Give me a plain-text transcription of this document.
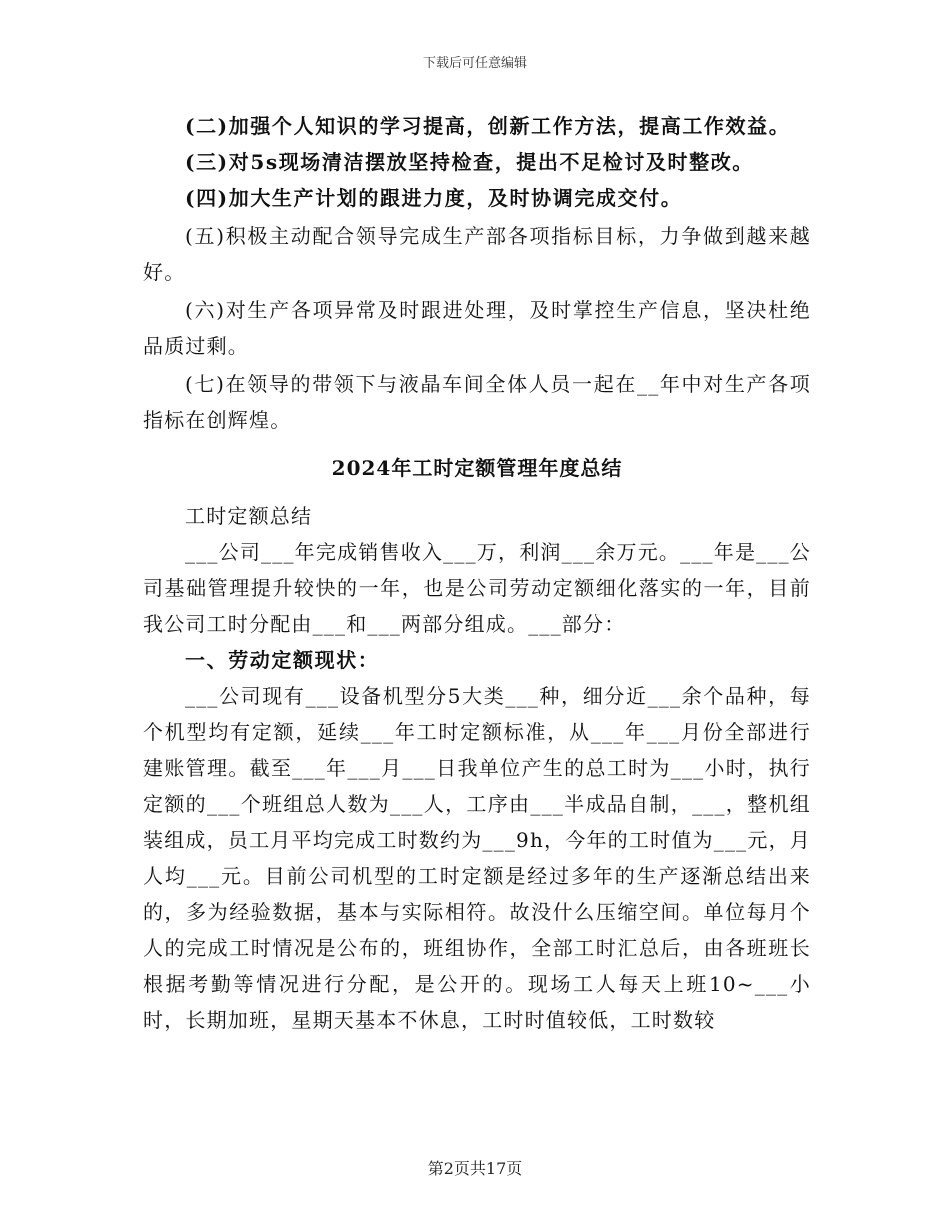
下载后可任意编辑

(二)加强个人知识的学习提高，创新工作方法，提高工作效益。

(三)对5s现场清洁摆放坚持检查，提出不足检讨及时整改。

(四)加大生产计划的跟进力度，及时协调完成交付。

(五)积极主动配合领导完成生产部各项指标目标，力争做到越来越好。

(六)对生产各项异常及时跟进处理，及时掌控生产信息，坚决杜绝品质过剩。

(七)在领导的带领下与液晶车间全体人员一起在__年中对生产各项指标在创辉煌。

2024年工时定额管理年度总结

工时定额总结

___公司___年完成销售收入___万，利润___余万元。___年是___公司基础管理提升较快的一年，也是公司劳动定额细化落实的一年，目前我公司工时分配由___和___两部分组成。___部分：

一、劳动定额现状：

___公司现有___设备机型分5大类___种，细分近___余个品种，每个机型均有定额，延续___年工时定额标准，从___年___月份全部进行建账管理。截至___年___月___日我单位产生的总工时为___小时，执行定额的___个班组总人数为___人，工序由___半成品自制，___，整机组装组成，员工月平均完成工时数约为___9h，今年的工时值为___元，月人均___元。目前公司机型的工时定额是经过多年的生产逐渐总结出来的，多为经验数据，基本与实际相符。故没什么压缩空间。单位每月个人的完成工时情况是公布的，班组协作，全部工时汇总后，由各班班长根据考勤等情况进行分配，是公开的。现场工人每天上班10~___小时，长期加班，星期天基本不休息，工时时值较低，工时数较

第2页共17页
